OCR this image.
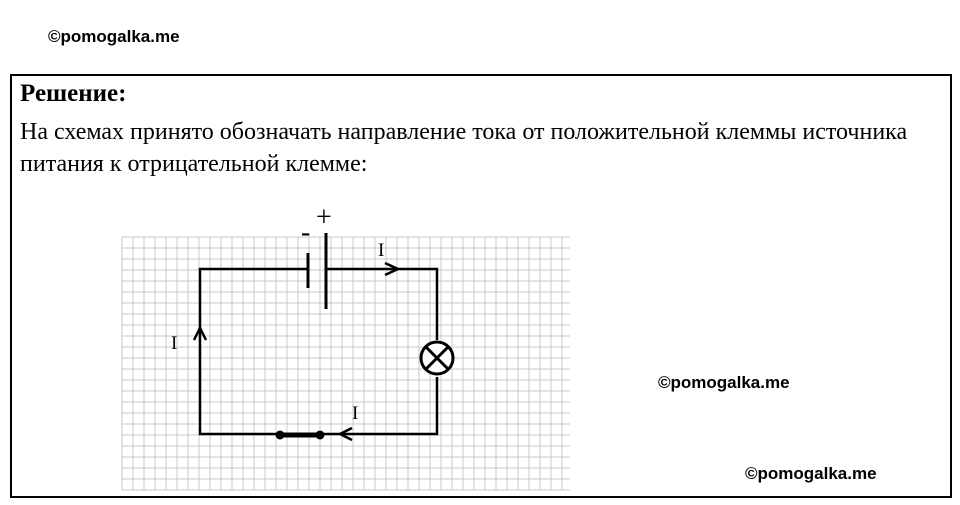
©pomogalka.me
Решение:
На схемах принято обозначать направление тока от положительной клеммы источника питания к отрицательной клемме:
- +
I
I
I
©pomogalka.me
©pomogalka.me
